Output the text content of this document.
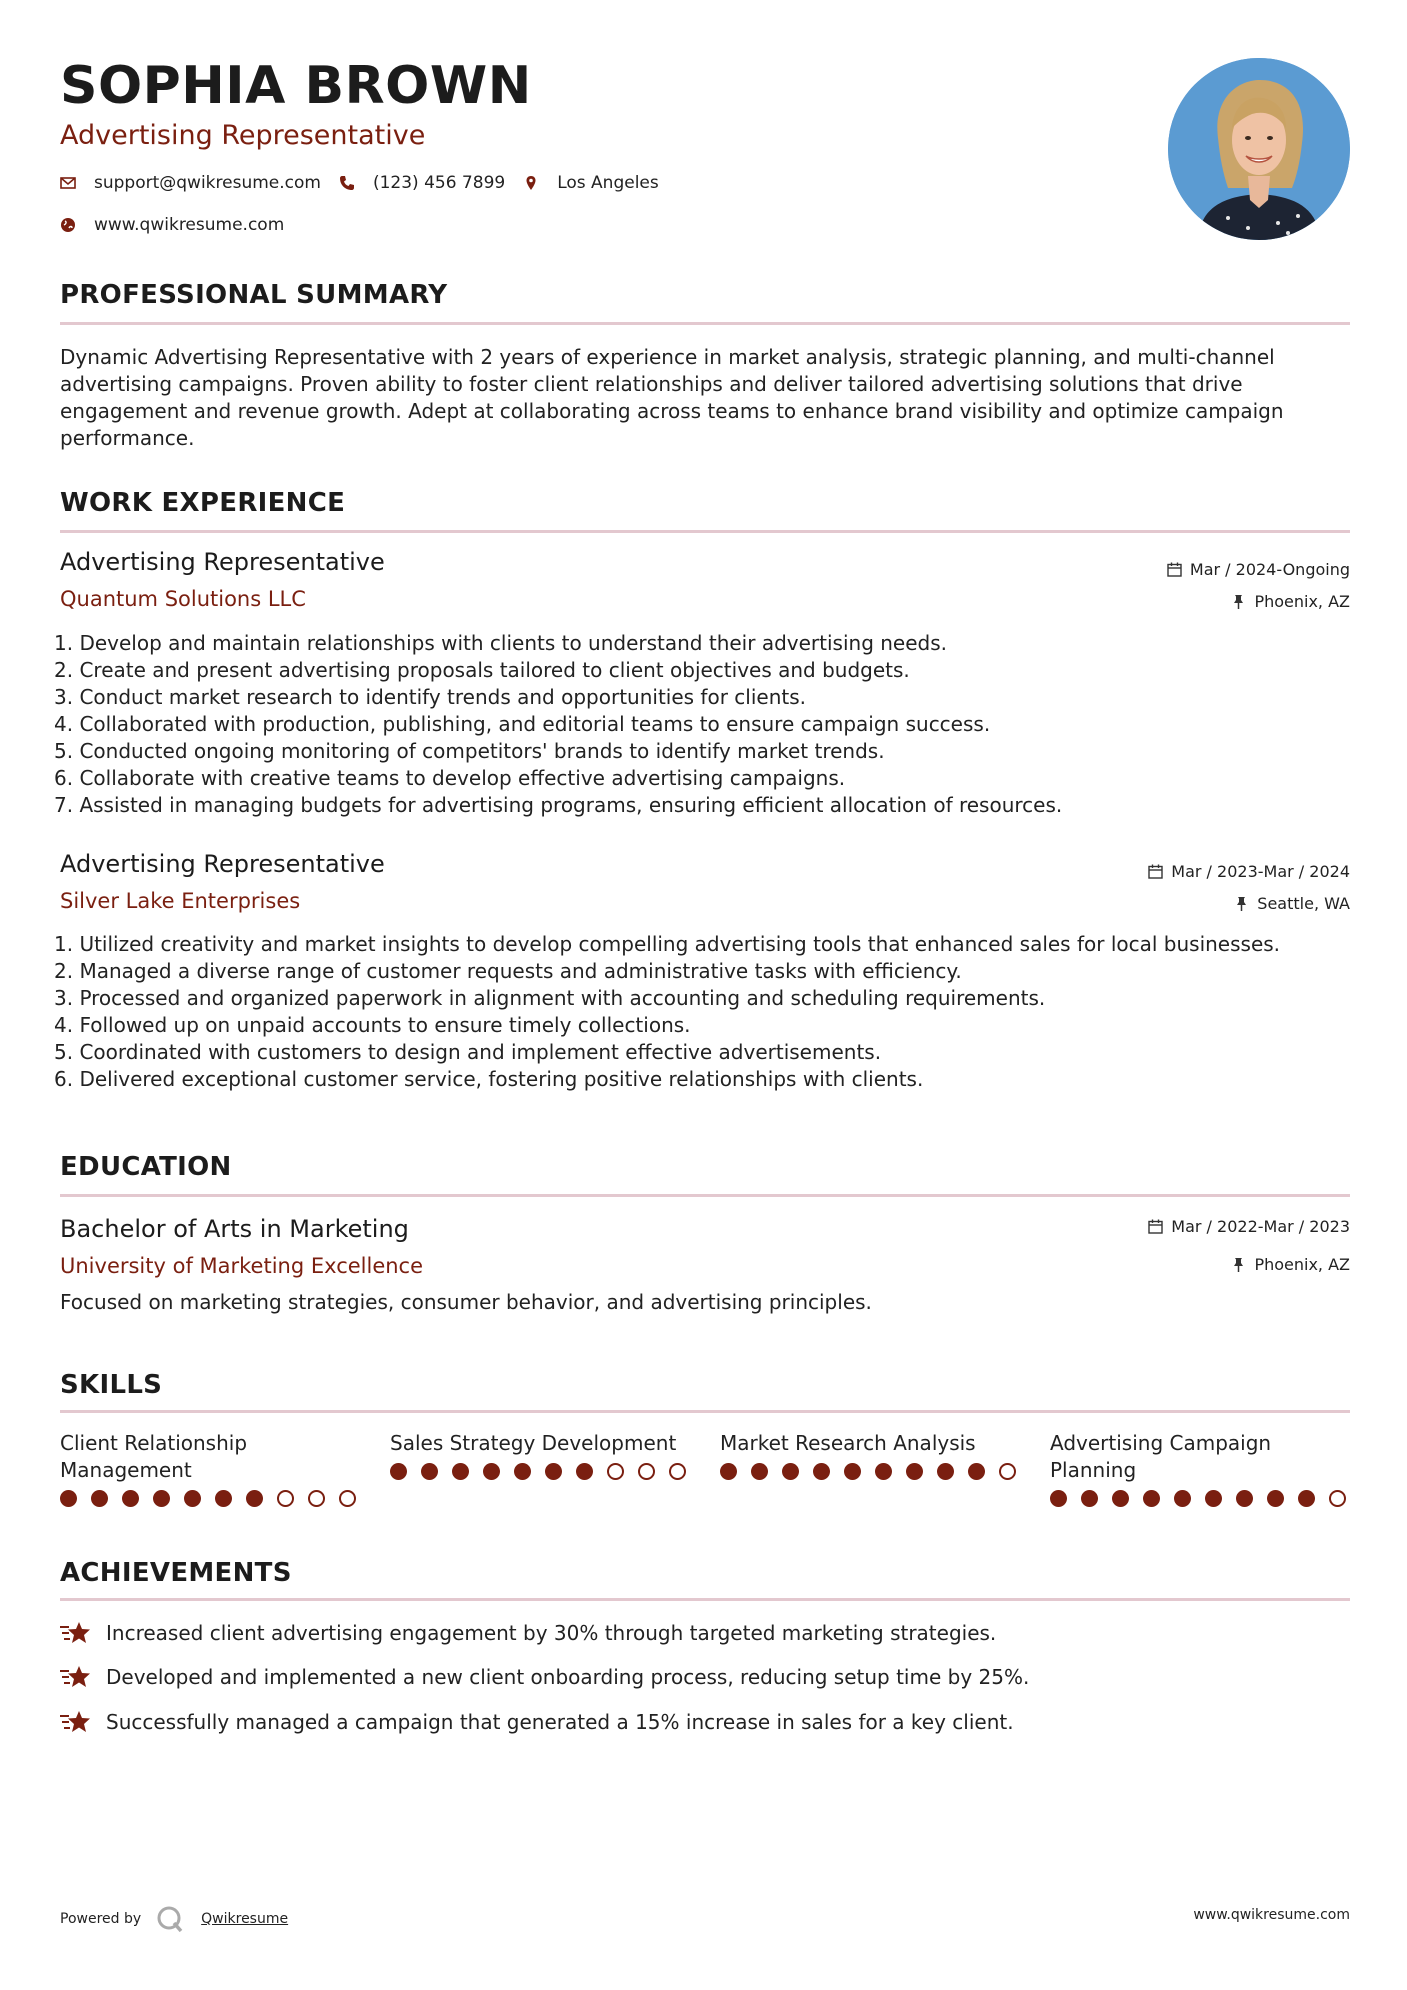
SOPHIA BROWN
Advertising Representative
support@qwikresume.com	(123) 456 7899	Los Angeles
www.qwikresume.com
PROFESSIONAL SUMMARY
Dynamic Advertising Representative with 2 years of experience in market analysis, strategic planning, and multi-channel advertising campaigns. Proven ability to foster client relationships and deliver tailored advertising solutions that drive engagement and revenue growth. Adept at collaborating across teams to enhance brand visibility and optimize campaign performance.
WORK EXPERIENCE
Advertising Representative
Quantum Solutions LLC
Mar / 2024-Ongoing
Phoenix, AZ
1. Develop and maintain relationships with clients to understand their advertising needs.
2. Create and present advertising proposals tailored to client objectives and budgets.
3. Conduct market research to identify trends and opportunities for clients.
4. Collaborated with production, publishing, and editorial teams to ensure campaign success.
5. Conducted ongoing monitoring of competitors' brands to identify market trends.
6. Collaborate with creative teams to develop effective advertising campaigns.
7. Assisted in managing budgets for advertising programs, ensuring efficient allocation of resources.
Advertising Representative
Silver Lake Enterprises
Mar / 2023-Mar / 2024
Seattle, WA
1. Utilized creativity and market insights to develop compelling advertising tools that enhanced sales for local businesses.
2. Managed a diverse range of customer requests and administrative tasks with efficiency.
3. Processed and organized paperwork in alignment with accounting and scheduling requirements.
4. Followed up on unpaid accounts to ensure timely collections.
5. Coordinated with customers to design and implement effective advertisements.
6. Delivered exceptional customer service, fostering positive relationships with clients.
EDUCATION
Bachelor of Arts in Marketing
University of Marketing Excellence
Mar / 2022-Mar / 2023
Phoenix, AZ
Focused on marketing strategies, consumer behavior, and advertising principles.
SKILLS
Client Relationship Management
Sales Strategy Development	Market Research Analysis	Advertising Campaign Planning
ACHIEVEMENTS
Increased client advertising engagement by 30% through targeted marketing strategies.
Developed and implemented a new client onboarding process, reducing setup time by 25%.
Successfully managed a campaign that generated a 15% increase in sales for a key client.
Powered by	Qwikresume	www.qwikresume.com
